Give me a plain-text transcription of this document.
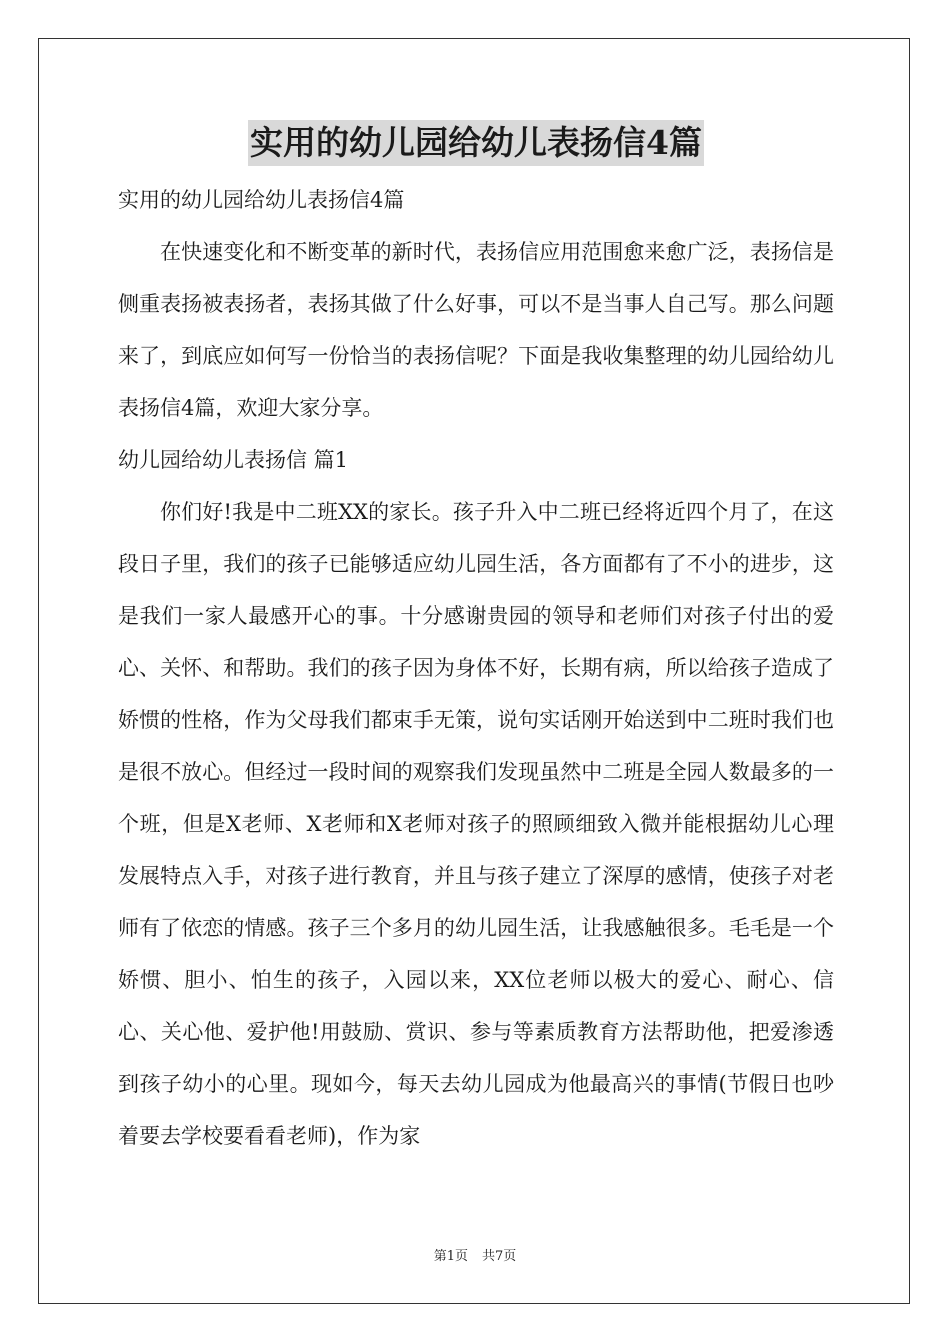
实用的幼儿园给幼儿表扬信4篇

实用的幼儿园给幼儿表扬信4篇

在快速变化和不断变革的新时代，表扬信应用范围愈来愈广泛，表扬信是侧重表扬被表扬者，表扬其做了什么好事，可以不是当事人自己写。那么问题来了，到底应如何写一份恰当的表扬信呢？下面是我收集整理的幼儿园给幼儿表扬信4篇，欢迎大家分享。

幼儿园给幼儿表扬信 篇1

你们好!我是中二班XX的家长。孩子升入中二班已经将近四个月了，在这段日子里，我们的孩子已能够适应幼儿园生活，各方面都有了不小的进步，这是我们一家人最感开心的事。十分感谢贵园的领导和老师们对孩子付出的爱心、关怀、和帮助。我们的孩子因为身体不好，长期有病，所以给孩子造成了娇惯的性格，作为父母我们都束手无策，说句实话刚开始送到中二班时我们也是很不放心。但经过一段时间的观察我们发现虽然中二班是全园人数最多的一个班，但是X老师、X老师和X老师对孩子的照顾细致入微并能根据幼儿心理发展特点入手，对孩子进行教育，并且与孩子建立了深厚的感情，使孩子对老师有了依恋的情感。孩子三个多月的幼儿园生活，让我感触很多。毛毛是一个娇惯、胆小、怕生的孩子，入园以来，XX位老师以极大的爱心、耐心、信心、关心他、爱护他!用鼓励、赏识、参与等素质教育方法帮助他，把爱渗透到孩子幼小的心里。现如今，每天去幼儿园成为他最高兴的事情(节假日也吵着要去学校要看看老师)，作为家

第1页 共7页
